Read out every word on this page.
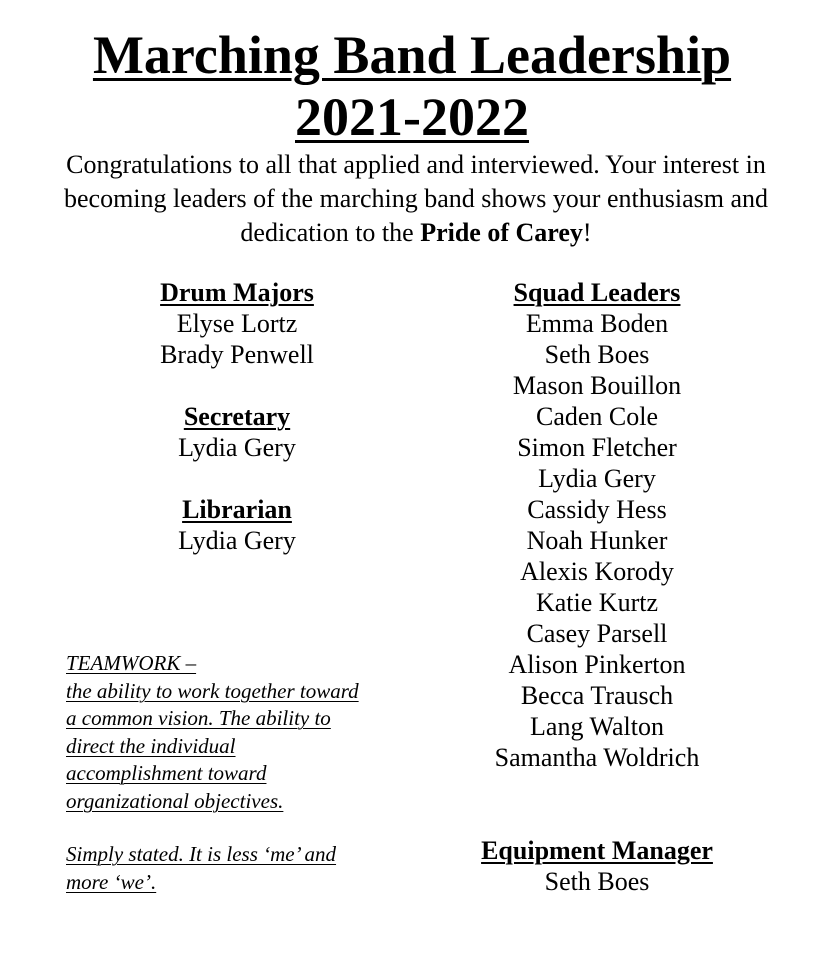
Marching Band Leadership
2021-2022

Congratulations to all that applied and interviewed. Your interest in becoming leaders of the marching band shows your enthusiasm and dedication to the Pride of Carey!

Drum Majors
Elyse Lortz
Brady Penwell
Secretary
Lydia Gery
Librarian
Lydia Gery
Squad Leaders
Emma Boden
Seth Boes
Mason Bouillon
Caden Cole
Simon Fletcher
Lydia Gery
Cassidy Hess
Noah Hunker
Alexis Korody
Katie Kurtz
Casey Parsell
Alison Pinkerton
Becca Trausch
Lang Walton
Samantha Woldrich
TEAMWORK –
the ability to work together toward
a common vision. The ability to
direct the individual
accomplishment toward
organizational objectives.
Simply stated. It is less ‘me’ and
more ‘we’.
Equipment Manager
Seth Boes
